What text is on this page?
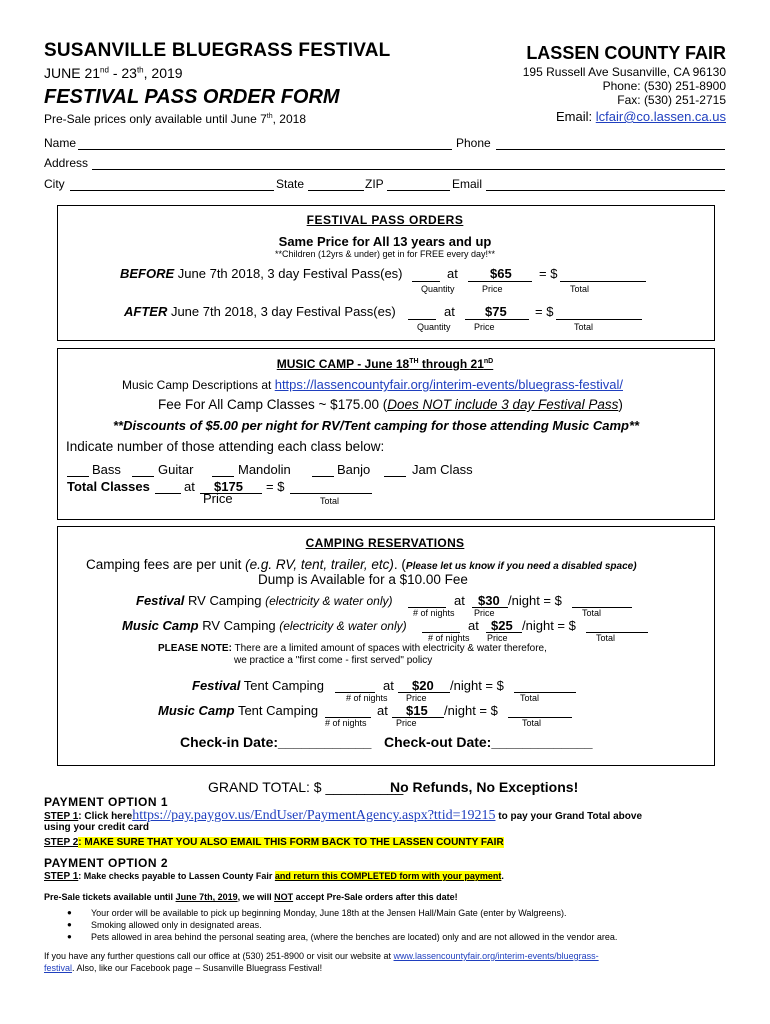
SUSANVILLE BLUEGRASS FESTIVAL
JUNE 21nd - 23th, 2019
FESTIVAL PASS ORDER FORM
Pre-Sale prices only available until June 7th, 2018
LASSEN COUNTY FAIR
195 Russell Ave Susanville, CA 96130
Phone: (530) 251-8900
Fax: (530) 251-2715
Email: lcfair@co.lassen.ca.us
Name	Phone
Address
City	State	ZIP	Email
FESTIVAL PASS ORDERS
Same Price for All 13 years and up
**Children (12yrs & under) get in for FREE every day!**
BEFORE June 7th 2018, 3 day Festival Pass(es)	at $65 = $
Quantity	Price	Total
AFTER June 7th 2018, 3 day Festival Pass(es)	at $75 = $
Quantity	Price	Total
MUSIC CAMP - June 18TH through 21nD
Music Camp Descriptions at https://lassencountyfair.org/interim-events/bluegrass-festival/
Fee For All Camp Classes ~ $175.00 (Does NOT include 3 day Festival Pass)
**Discounts of $5.00 per night for RV/Tent camping for those attending Music Camp**
Indicate number of those attending each class below:
Bass	Guitar	Mandolin	Banjo	Jam Class
Total Classes	at $175 = $
Price	Total
CAMPING RESERVATIONS
Camping fees are per unit (e.g. RV, tent, trailer, etc). (Please let us know if you need a disabled space)
Dump is Available for a $10.00 Fee
Festival RV Camping (electricity & water only)	at $30 /night = $
# of nights Price	Total
Music Camp RV Camping (electricity & water only)	at $25 /night = $
# of nights Price	Total
PLEASE NOTE: There are a limited amount of spaces with electricity & water therefore,
we practice a "first come - first served" policy
Festival Tent Camping	at $20 /night = $
# of nights Price	Total
Music Camp Tent Camping	at $15 /night = $
# of nights	Price	Total
Check-in Date:____________ Check-out Date:_____________
GRAND TOTAL: $ __________
No Refunds, No Exceptions!
PAYMENT OPTION 1
STEP 1: Click herehttps://pay.paygov.us/EndUser/PaymentAgency.aspx?ttid=19215 to pay your Grand Total above
using your credit card
STEP 2: MAKE SURE THAT YOU ALSO EMAIL THIS FORM BACK TO THE LASSEN COUNTY FAIR
PAYMENT OPTION 2
STEP 1: Make checks payable to Lassen County Fair and return this COMPLETED form with your payment.
Pre-Sale tickets available until June 7th, 2019, we will NOT accept Pre-Sale orders after this date!
● Your order will be available to pick up beginning Monday, June 18th at the Jensen Hall/Main Gate (enter by Walgreens).
● Smoking allowed only in designated areas.
● Pets allowed in area behind the personal seating area, (where the benches are located) only and are not allowed in the vendor area.
If you have any further questions call our office at (530) 251-8900 or visit our website at www.lassencountyfair.org/interim-events/bluegrass-
festival. Also, like our Facebook page – Susanville Bluegrass Festival!
